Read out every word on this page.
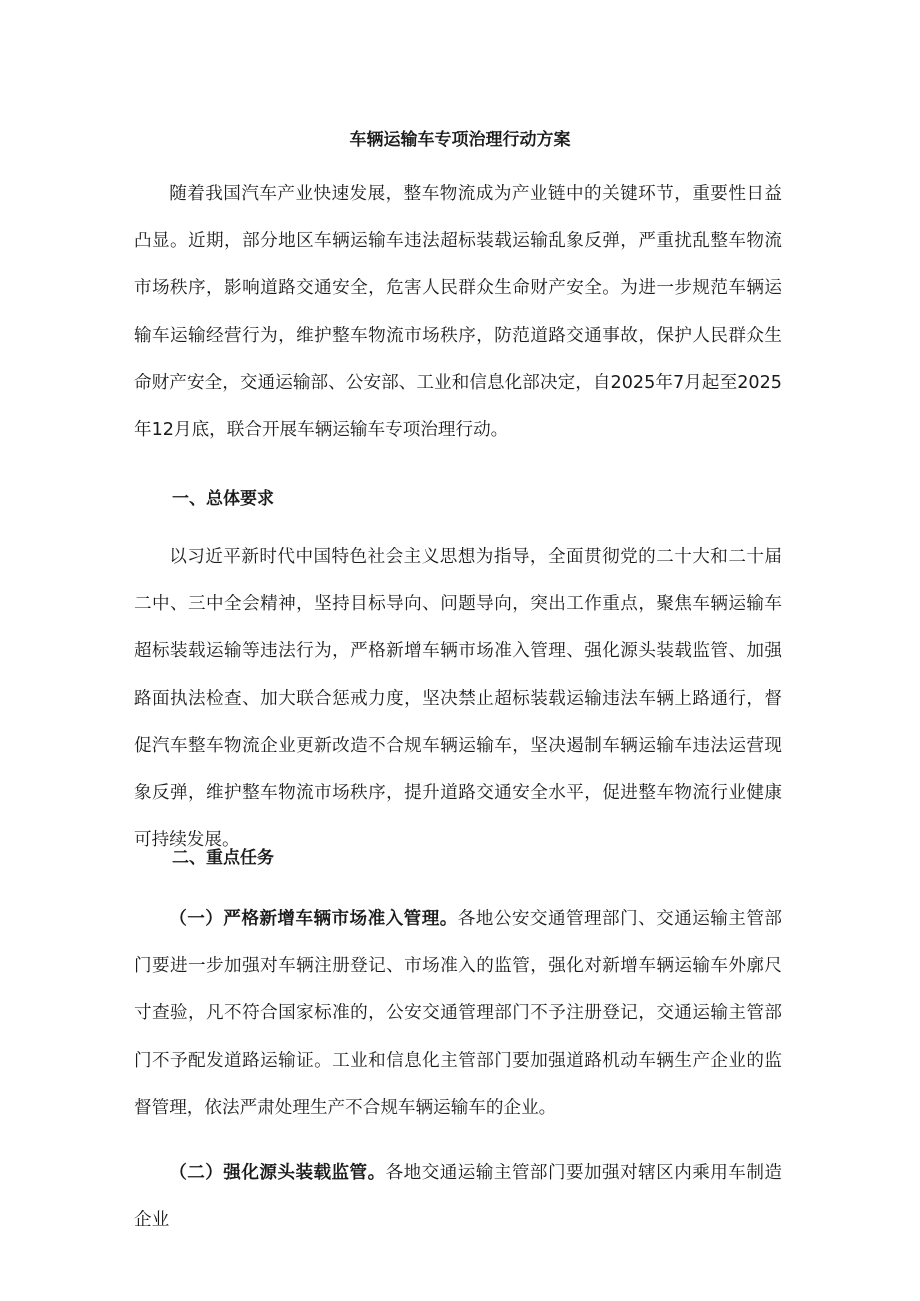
车辆运输车专项治理行动方案

随着我国汽车产业快速发展，整车物流成为产业链中的关键环节，重要性日益凸显。近期，部分地区车辆运输车违法超标装载运输乱象反弹，严重扰乱整车物流市场秩序，影响道路交通安全，危害人民群众生命财产安全。为进一步规范车辆运输车运输经营行为，维护整车物流市场秩序，防范道路交通事故，保护人民群众生命财产安全，交通运输部、公安部、工业和信息化部决定，自2025年7月起至2025年12月底，联合开展车辆运输车专项治理行动。

一、总体要求

以习近平新时代中国特色社会主义思想为指导，全面贯彻党的二十大和二十届二中、三中全会精神，坚持目标导向、问题导向，突出工作重点，聚焦车辆运输车超标装载运输等违法行为，严格新增车辆市场准入管理、强化源头装载监管、加强路面执法检查、加大联合惩戒力度，坚决禁止超标装载运输违法车辆上路通行，督促汽车整车物流企业更新改造不合规车辆运输车，坚决遏制车辆运输车违法运营现象反弹，维护整车物流市场秩序，提升道路交通安全水平，促进整车物流行业健康可持续发展。

二、重点任务

（一）严格新增车辆市场准入管理。各地公安交通管理部门、交通运输主管部门要进一步加强对车辆注册登记、市场准入的监管，强化对新增车辆运输车外廓尺寸查验，凡不符合国家标准的，公安交通管理部门不予注册登记，交通运输主管部门不予配发道路运输证。工业和信息化主管部门要加强道路机动车辆生产企业的监督管理，依法严肃处理生产不合规车辆运输车的企业。

（二）强化源头装载监管。各地交通运输主管部门要加强对辖区内乘用车制造企业
